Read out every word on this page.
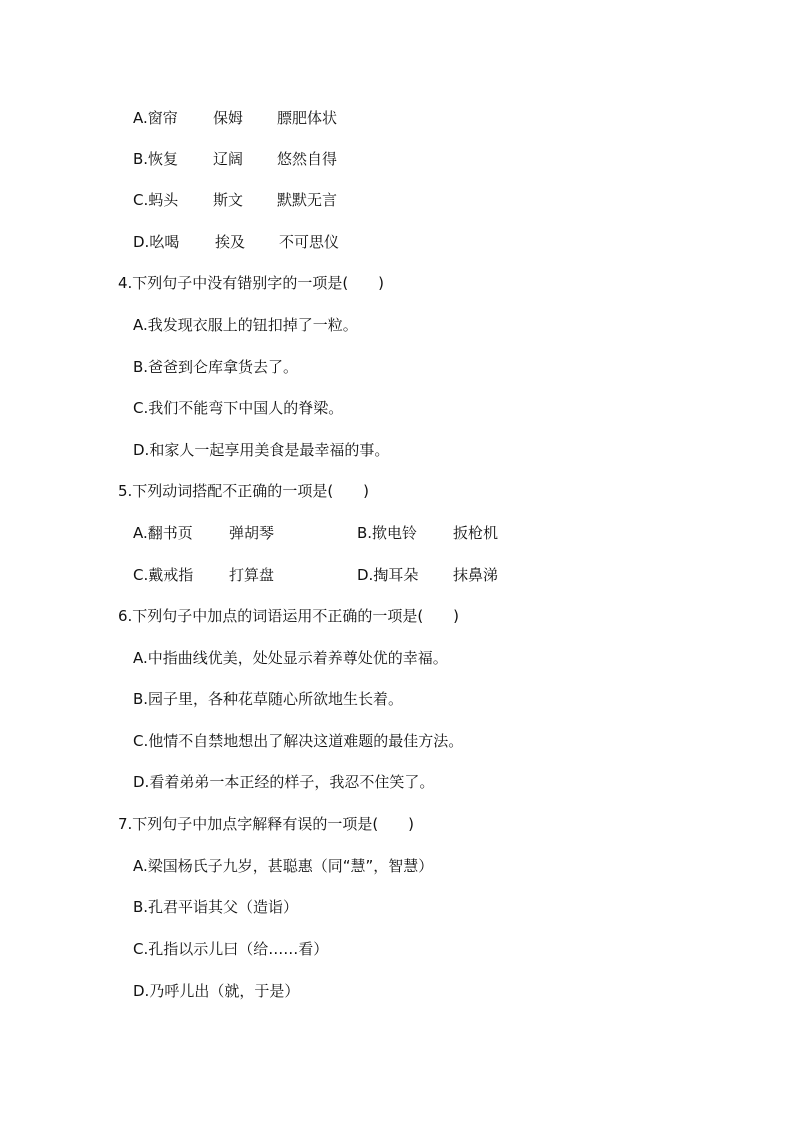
A.窗帘 保姆 膘肥体状
B.恢复 辽阔 悠然自得
C.蚂头 斯文 默默无言
D.吆喝 挨及 不可思仪
4.下列句子中没有错别字的一项是(　　)
A.我发现衣服上的钮扣掉了一粒。
B.爸爸到仑库拿货去了。
C.我们不能弯下中国人的脊梁。
D.和家人一起享用美食是最幸福的事。
5.下列动词搭配不正确的一项是(　　)
A.翻书页 弹胡琴	B.揿电铃 扳枪机
C.戴戒指 打算盘	D.掏耳朵 抹鼻涕
6.下列句子中加点的词语运用不正确的一项是(　　)
A.中指曲线优美，处处显示着养尊处优的幸福。
B.园子里，各种花草随心所欲地生长着。
C.他情不自禁地想出了解决这道难题的最佳方法。
D.看着弟弟一本正经的样子，我忍不住笑了。
7.下列句子中加点字解释有误的一项是(　　)
A.梁国杨氏子九岁，甚聪惠（同“慧”，智慧）
B.孔君平诣其父（造诣）
C.孔指以示儿曰（给……看）
D.乃呼儿出（就，于是）
